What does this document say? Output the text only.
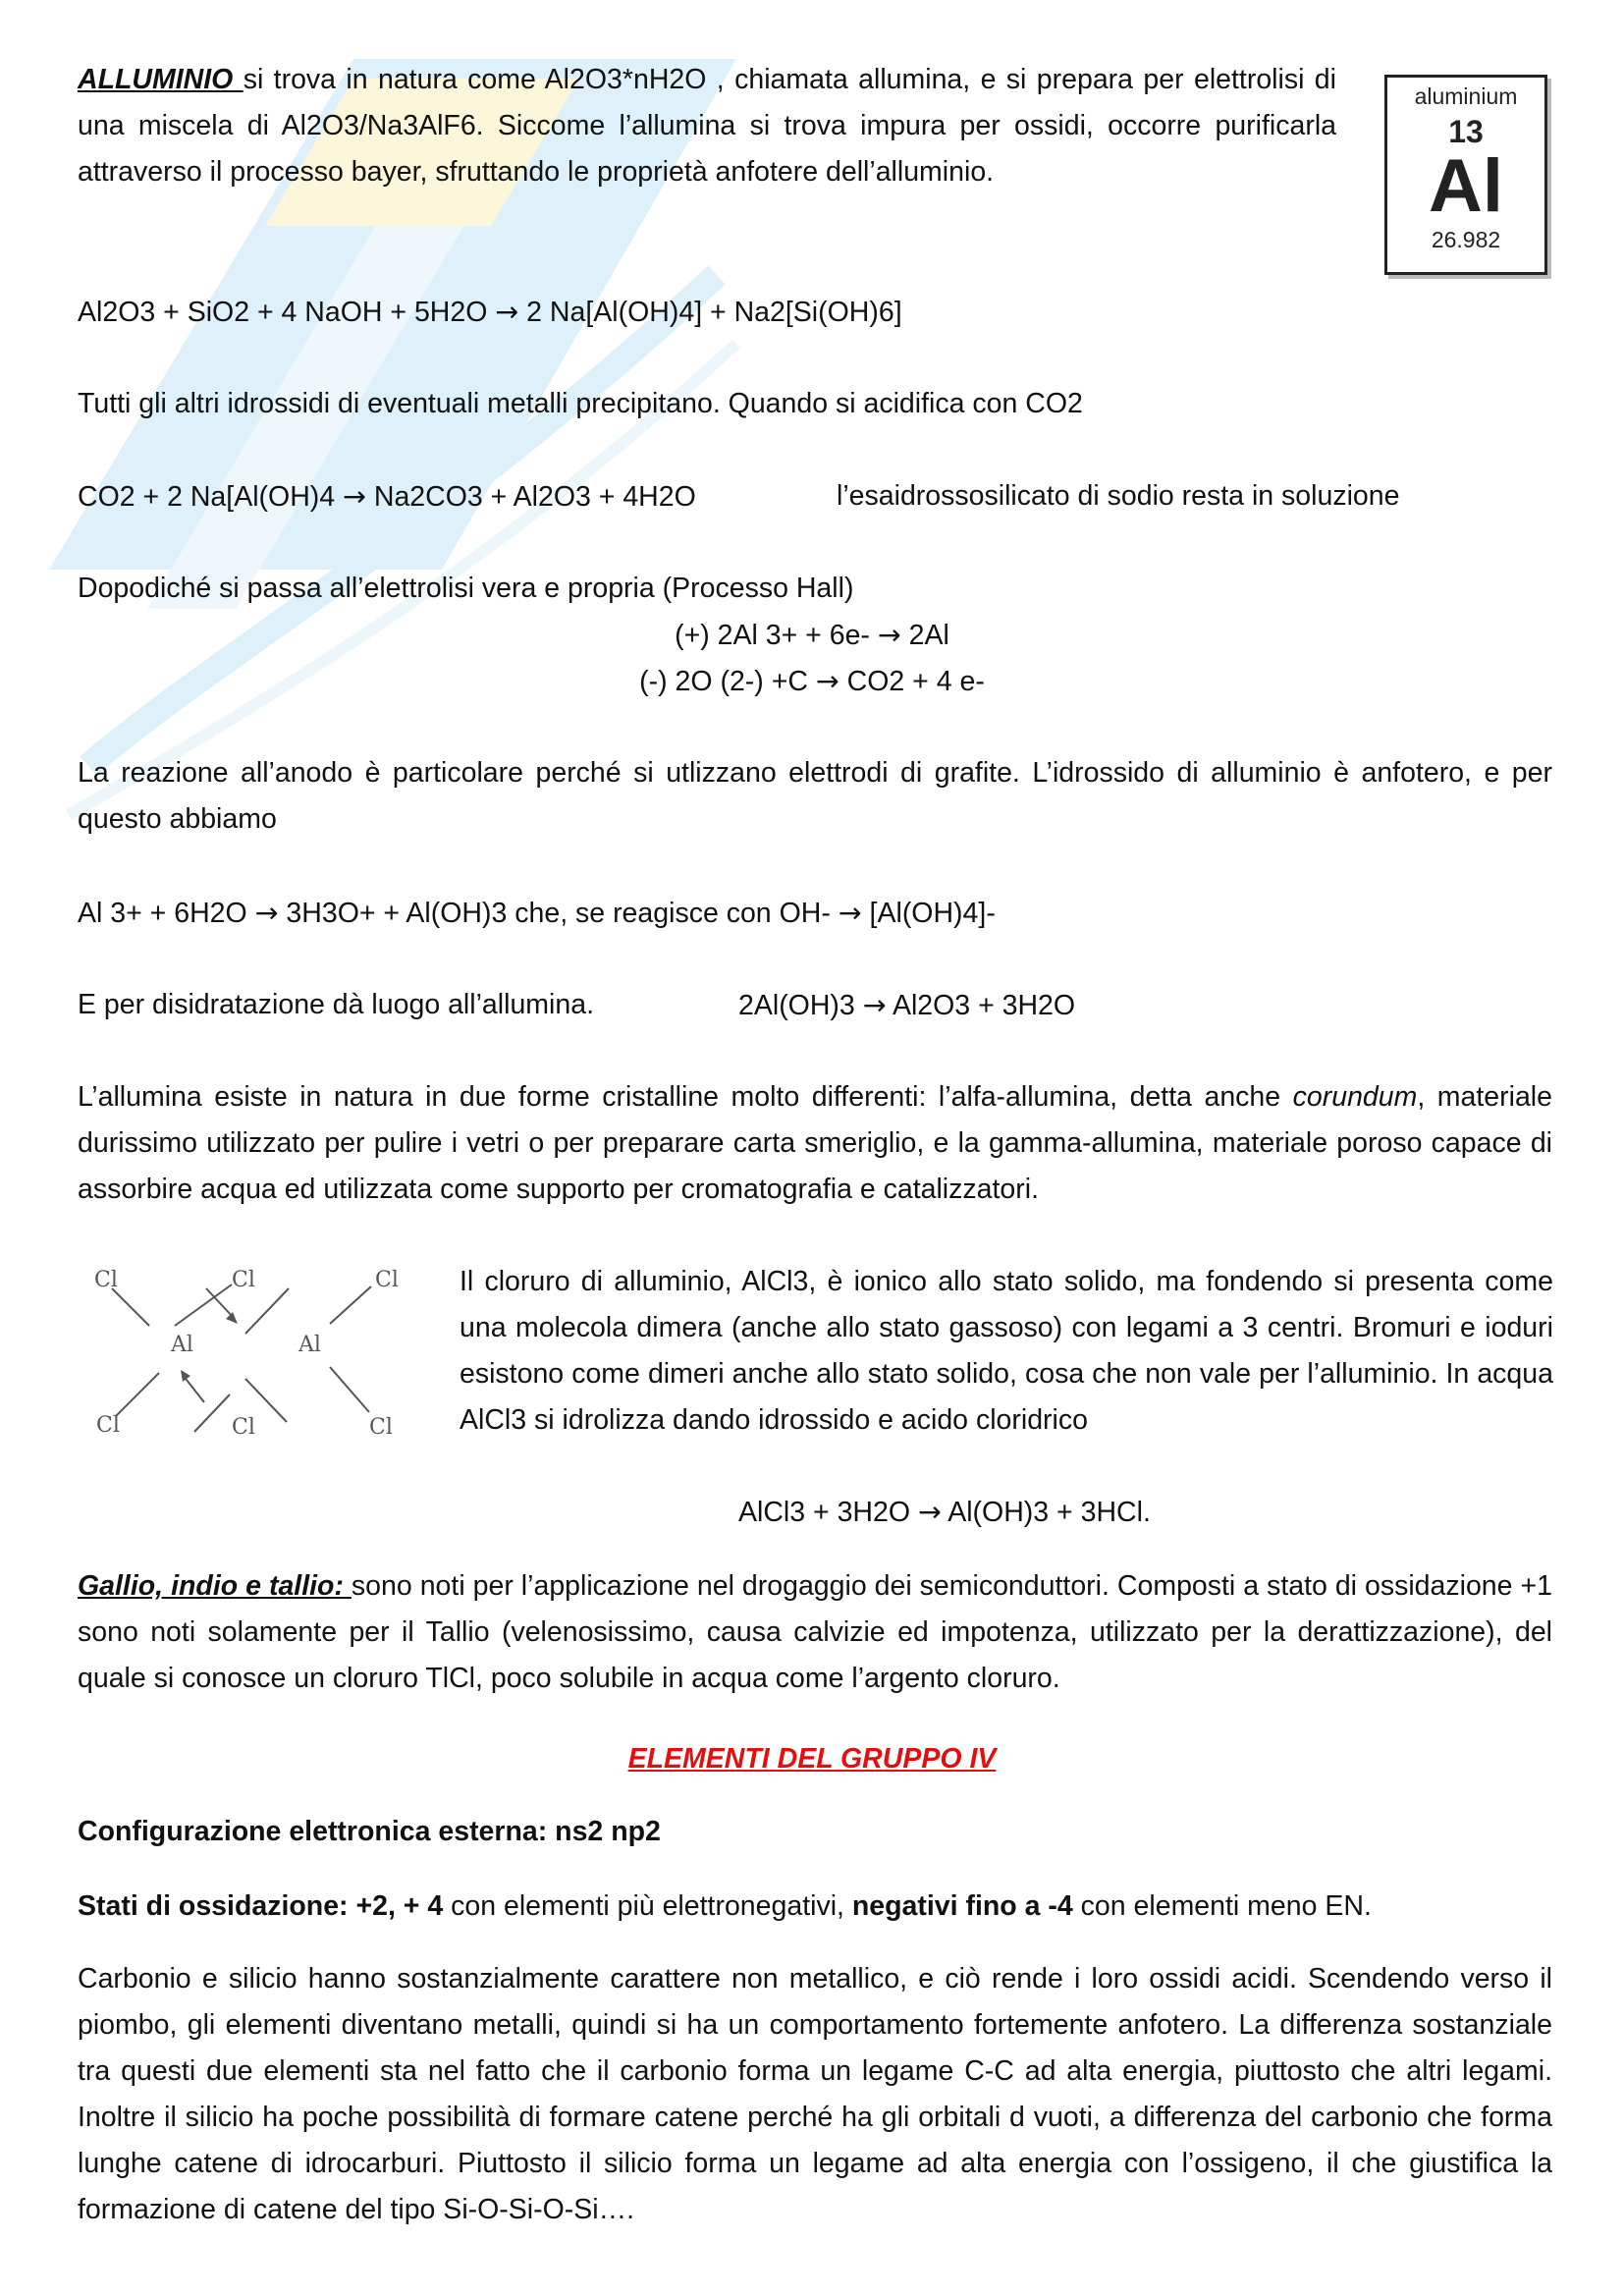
aluminium
13
Al
26.982

ALLUMINIO si trova in natura come Al2O3*nH2O , chiamata allumina, e si prepara per elettrolisi di una miscela di Al2O3/Na3AlF6. Siccome l’allumina si trova impura per ossidi, occorre purificarla attraverso il processo bayer, sfruttando le proprietà anfotere dell’alluminio.

Al2O3 + SiO2 + 4 NaOH + 5H2O → 2 Na[Al(OH)4] + Na2[Si(OH)6]

Tutti gli altri idrossidi di eventuali metalli precipitano. Quando si acidifica con CO2

CO2 + 2 Na[Al(OH)4 → Na2CO3 + Al2O3 + 4H2O	l’esaidrossosilicato di sodio resta in soluzione

Dopodiché si passa all’elettrolisi vera e propria (Processo Hall)

(+) 2Al 3+ + 6e- → 2Al

(-) 2O (2-) +C → CO2 + 4 e-

La reazione all’anodo è particolare perché si utlizzano elettrodi di grafite. L’idrossido di alluminio è anfotero, e per questo abbiamo

Al 3+ + 6H2O → 3H3O+ + Al(OH)3 che, se reagisce con OH- → [Al(OH)4]-

E per disidratazione dà luogo all’allumina.	2Al(OH)3 → Al2O3 + 3H2O

L’allumina esiste in natura in due forme cristalline molto differenti: l’alfa-allumina, detta anche corundum, materiale durissimo utilizzato per pulire i vetri o per preparare carta smeriglio, e la gamma-allumina, materiale poroso capace di assorbire acqua ed utilizzata come supporto per cromatografia e catalizzatori.

Cl	Cl	Cl
Al	Al
Cl	Cl	Cl

Il cloruro di alluminio, AlCl3, è ionico allo stato solido, ma fondendo si presenta come una molecola dimera (anche allo stato gassoso) con legami a 3 centri. Bromuri e ioduri esistono come dimeri anche allo stato solido, cosa che non vale per l’alluminio. In acqua AlCl3 si idrolizza dando idrossido e acido cloridrico

AlCl3 + 3H2O → Al(OH)3 + 3HCl.

Gallio, indio e tallio: sono noti per l’applicazione nel drogaggio dei semiconduttori. Composti a stato di ossidazione +1 sono noti solamente per il Tallio (velenosissimo, causa calvizie ed impotenza, utilizzato per la derattizzazione), del quale si conosce un cloruro TlCl, poco solubile in acqua come l’argento cloruro.

ELEMENTI DEL GRUPPO IV

Configurazione elettronica esterna: ns2 np2

Stati di ossidazione: +2, + 4 con elementi più elettronegativi, negativi fino a -4 con elementi meno EN.

Carbonio e silicio hanno sostanzialmente carattere non metallico, e ciò rende i loro ossidi acidi. Scendendo verso il piombo, gli elementi diventano metalli, quindi si ha un comportamento fortemente anfotero. La differenza sostanziale tra questi due elementi sta nel fatto che il carbonio forma un legame C-C ad alta energia, piuttosto che altri legami. Inoltre il silicio ha poche possibilità di formare catene perché ha gli orbitali d vuoti, a differenza del carbonio che forma lunghe catene di idrocarburi. Piuttosto il silicio forma un legame ad alta energia con l’ossigeno, il che giustifica la formazione di catene del tipo Si-O-Si-O-Si….
